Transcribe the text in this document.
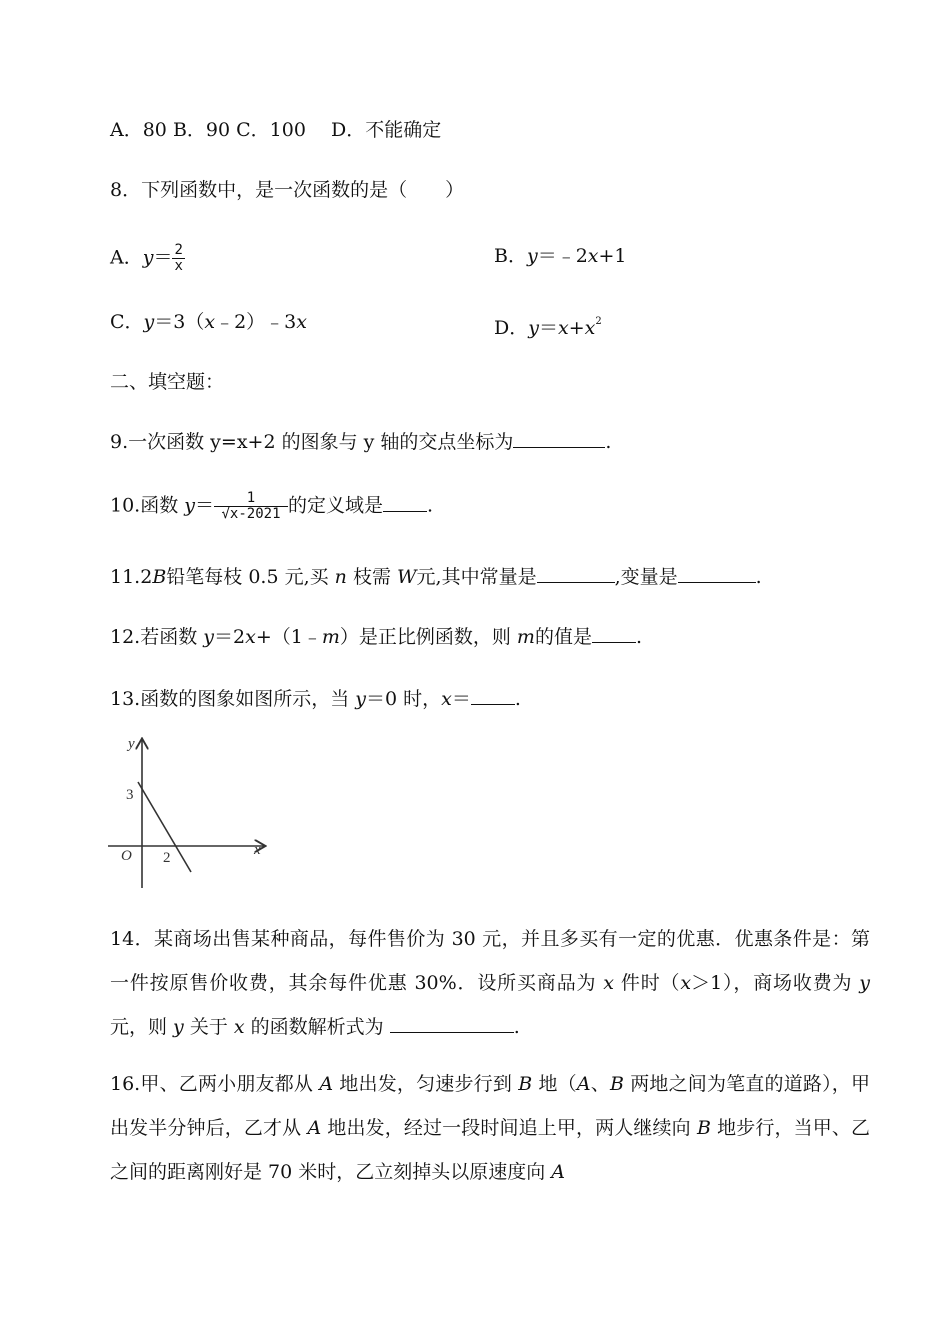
A．80 B．90 C．100　 D．不能确定
8．下列函数中，是一次函数的是（　　）
A．$y= \frac{2}{x}$	B．y＝﹣2x+1
C．y＝3（x﹣2）﹣3x	D．$y=x+x^2$
二、填空题：
9.一次函数 y=x+2 的图象与 y 轴的交点坐标为	.
10.函数 $y= \frac{1}{√x-2021}$ 的定义域是 .
11.2B铅笔每枝 0.5 元,买 n 枝需 W元,其中常量是	,变量是	.
12.若函数 y＝2x+（1﹣m）是正比例函数，则 m的值是 .
13.函数的图象如图所示，当 y＝0 时，x＝ .
y
x
O
3
2
14．某商场出售某种商品，每件售价为 30 元，并且多买有一定的优惠．优惠条件是：第一件按原售价收费，其余每件优惠 30%．设所买商品为 x 件时（x＞1），商场收费为 y 元，则 y 关于 x 的函数解析式为	.
16.甲、乙两小朋友都从 A 地出发，匀速步行到 B 地（A、B 两地之间为笔直的道路），甲出发半分钟后，乙才从 A 地出发，经过一段时间追上甲，两人继续向 B 地步行，当甲、乙之间的距离刚好是 70 米时，乙立刻掉头以原速度向 A
